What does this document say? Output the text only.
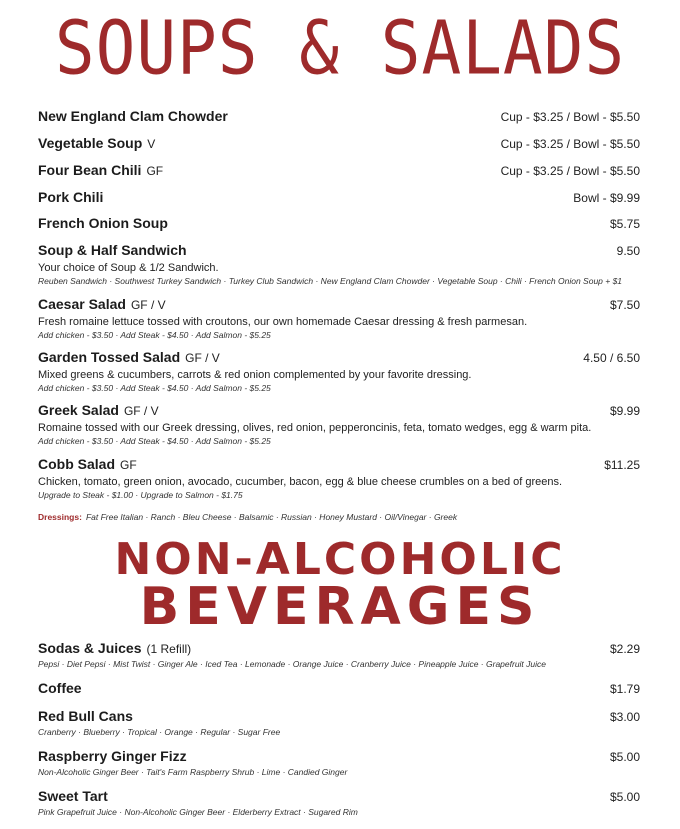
SOUPS & SALADS
New England Clam Chowder	Cup - $3.25 / Bowl - $5.50
Vegetable Soup V	Cup - $3.25 / Bowl - $5.50
Four Bean Chili GF	Cup - $3.25 / Bowl - $5.50
Pork Chili	Bowl - $9.99
French Onion Soup	$5.75
Soup & Half Sandwich	9.50
Your choice of Soup & 1/2 Sandwich.
Reuben Sandwich · Southwest Turkey Sandwich · Turkey Club Sandwich · New England Clam Chowder · Vegetable Soup · Chili · French Onion Soup + $1
Caesar Salad GF / V	$7.50
Fresh romaine lettuce tossed with croutons, our own homemade Caesar dressing & fresh parmesan.
Add chicken - $3.50 · Add Steak - $4.50 · Add Salmon - $5.25
Garden Tossed Salad GF / V	4.50 / 6.50
Mixed greens & cucumbers, carrots & red onion complemented by your favorite dressing.
Add chicken - $3.50 · Add Steak - $4.50 · Add Salmon - $5.25
Greek Salad GF / V	$9.99
Romaine tossed with our Greek dressing, olives, red onion, pepperoncinis, feta, tomato wedges, egg & warm pita.
Add chicken - $3.50 · Add Steak - $4.50 · Add Salmon - $5.25
Cobb Salad GF	$11.25
Chicken, tomato, green onion, avocado, cucumber, bacon, egg & blue cheese crumbles on a bed of greens.
Upgrade to Steak - $1.00 · Upgrade to Salmon - $1.75
Dressings: Fat Free Italian · Ranch · Bleu Cheese · Balsamic · Russian · Honey Mustard · Oil/Vinegar · Greek
NON-ALCOHOLIC
BEVERAGES
Sodas & Juices (1 Refill)	$2.29
Pepsi · Diet Pepsi · Mist Twist · Ginger Ale · Iced Tea · Lemonade · Orange Juice · Cranberry Juice · Pineapple Juice · Grapefruit Juice
Coffee	$1.79
Red Bull Cans	$3.00
Cranberry · Blueberry · Tropical · Orange · Regular · Sugar Free
Raspberry Ginger Fizz	$5.00
Non-Alcoholic Ginger Beer · Tait's Farm Raspberry Shrub · Lime · Candied Ginger
Sweet Tart	$5.00
Pink Grapefruit Juice · Non-Alcoholic Ginger Beer · Elderberry Extract · Sugared Rim
